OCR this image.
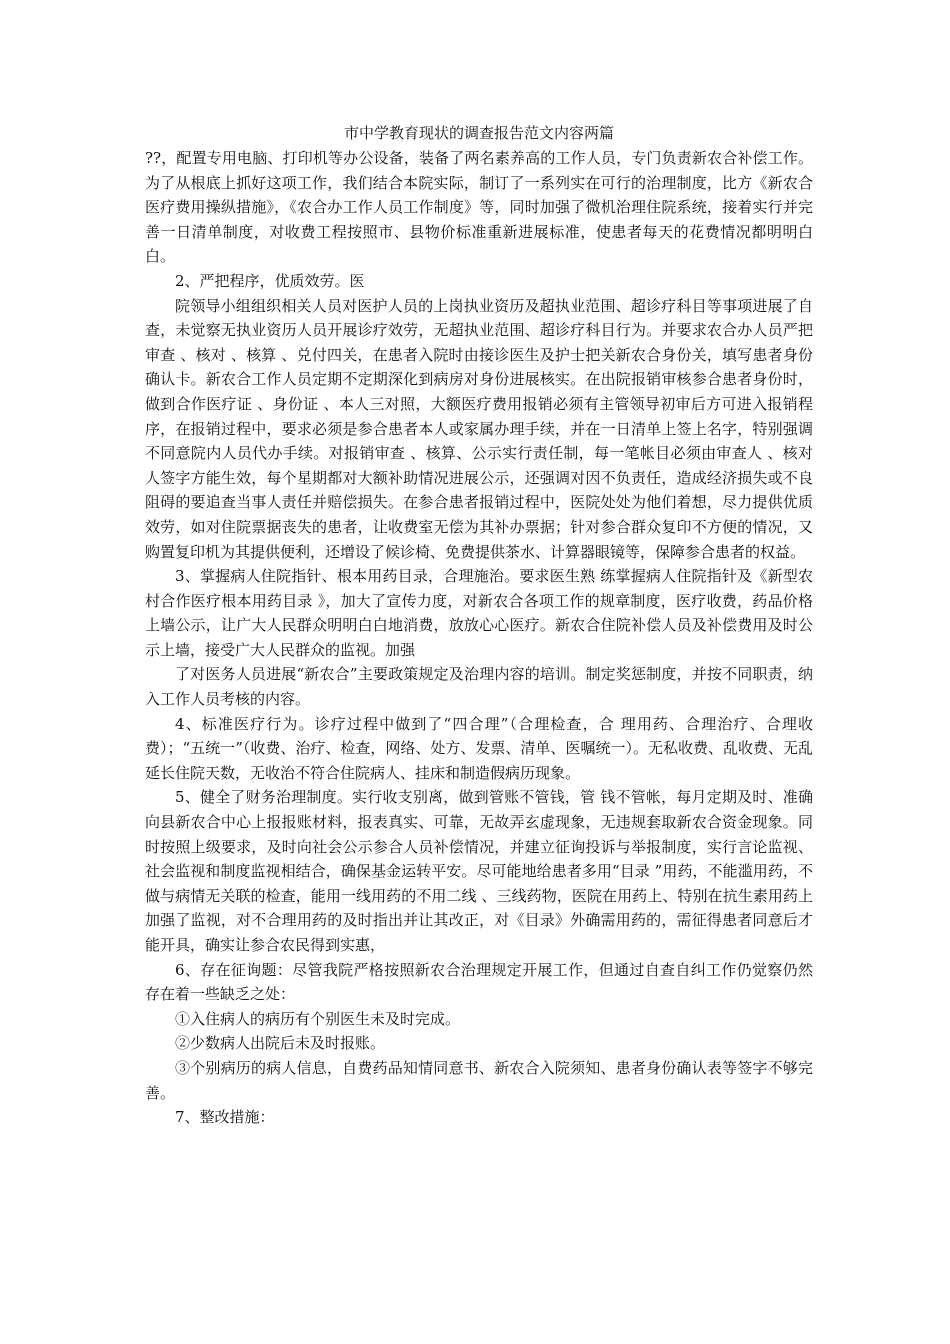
市中学教育现状的调查报告范文内容两篇

??，配置专用电脑、打印机等办公设备，装备了两名素养高的工作人员，专门负责新农合补偿工作。为了从根底上抓好这项工作，我们结合本院实际，制订了一系列实在可行的治理制度，比方《新农合医疗费用操纵措施》，《农合办工作人员工作制度》等，同时加强了微机治理住院系统，接着实行并完善一日清单制度，对收费工程按照市、县物价标准重新进展标准，使患者每天的花费情况都明明白白。

2、严把程序，优质效劳。医

院领导小组组织相关人员对医护人员的上岗执业资历及超执业范围、超诊疗科目等事项进展了自查，未觉察无执业资历人员开展诊疗效劳，无超执业范围、超诊疗科目行为。并要求农合办人员严把审查 、核对 、核算 、兑付四关，在患者入院时由接诊医生及护士把关新农合身份关，填写患者身份确认卡。新农合工作人员定期不定期深化到病房对身份进展核实。在出院报销审核参合患者身份时，做到合作医疗证 、身份证 、本人三对照，大额医疗费用报销必须有主管领导初审后方可进入报销程序，在报销过程中，要求必须是参合患者本人或家属办理手续，并在一日清单上签上名字，特别强调不同意院内人员代办手续。对报销审查 、核算、公示实行责任制，每一笔帐目必须由审查人 、核对人签字方能生效，每个星期都对大额补助情况进展公示，还强调对因不负责任，造成经济损失或不良阻碍的要追查当事人责任并赔偿损失。在参合患者报销过程中，医院处处为他们着想，尽力提供优质效劳，如对住院票据丧失的患者，让收费室无偿为其补办票据；针对参合群众复印不方便的情况，又购置复印机为其提供便利，还增设了候诊椅、免费提供茶水、计算器眼镜等，保障参合患者的权益。

3、掌握病人住院指针、根本用药目录，合理施治。要求医生熟 练掌握病人住院指针及《新型农村合作医疗根本用药目录 》，加大了宣传力度，对新农合各项工作的规章制度，医疗收费，药品价格上墙公示，让广大人民群众明明白白地消费，放放心心医疗。新农合住院补偿人员及补偿费用及时公示上墙，接受广大人民群众的监视。加强

了对医务人员进展“新农合”主要政策规定及治理内容的培训。制定奖惩制度，并按不同职责，纳入工作人员考核的内容。

4、标准医疗行为。诊疗过程中做到了“四合理”（合理检查，合 理用药、合理治疗、合理收费）；“五统一”（收费、治疗、检查，网络、处方、发票、清单、医嘱统一）。无私收费、乱收费、无乱延长住院天数，无收治不符合住院病人、挂床和制造假病历现象。

5、健全了财务治理制度。实行收支别离，做到管账不管钱，管 钱不管帐，每月定期及时、准确向县新农合中心上报报账材料，报表真实、可靠，无故弄玄虚现象，无违规套取新农合资金现象。同时按照上级要求，及时向社会公示参合人员补偿情况，并建立征询投诉与举报制度，实行言论监视、社会监视和制度监视相结合，确保基金运转平安。尽可能地给患者多用“目录 ”用药，不能滥用药，不做与病情无关联的检查，能用一线用药的不用二线 、三线药物，医院在用药上、特别在抗生素用药上加强了监视，对不合理用药的及时指出并让其改正，对《目录》外确需用药的，需征得患者同意后才能开具，确实让参合农民得到实惠，

6、存在征询题：尽管我院严格按照新农合治理规定开展工作，但通过自查自纠工作仍觉察仍然存在着一些缺乏之处：

①入住病人的病历有个别医生未及时完成。

②少数病人出院后未及时报账。

③个别病历的病人信息，自费药品知情同意书、新农合入院须知、患者身份确认表等签字不够完善。

7、整改措施：
